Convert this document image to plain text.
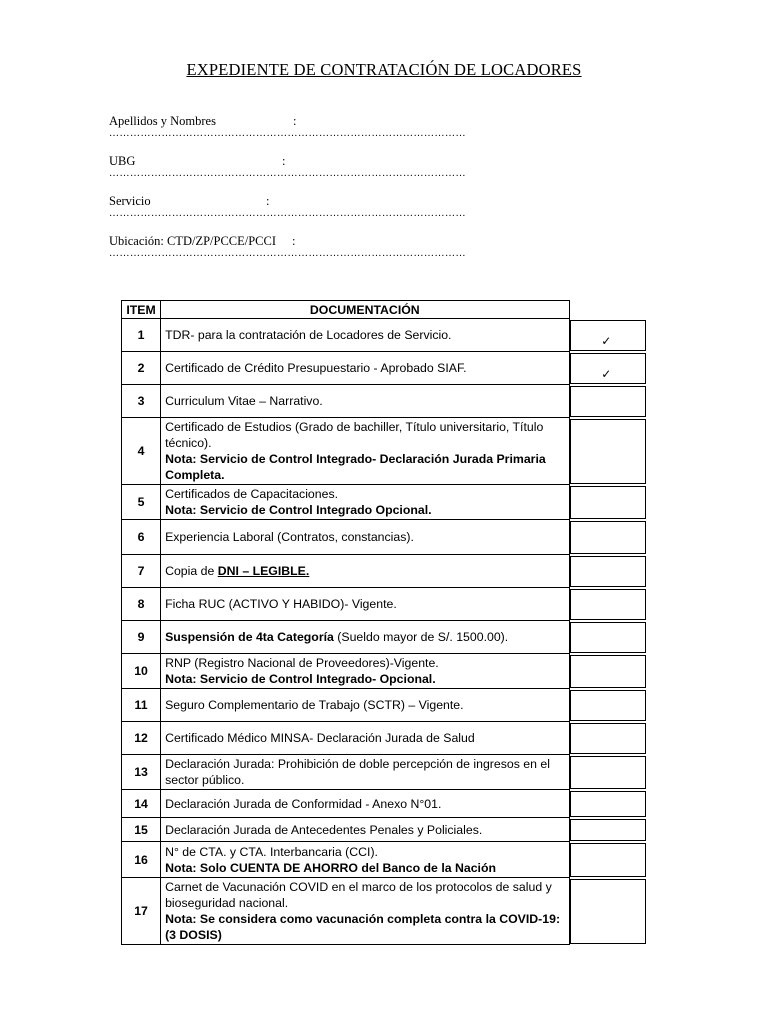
EXPEDIENTE DE CONTRATACIÓN DE LOCADORES
Apellidos y Nombres	:
…………………………………………………………………………………………
UBG	:
…………………………………………………………………………………………
Servicio	:
…………………………………………………………………………………………
Ubicación: CTD/ZP/PCCE/PCCI :
…………………………………………………………………………………………
ITEM	DOCUMENTACIÓN	
1	TDR- para la contratación de Locadores de Servicio.	✓

2	Certificado de Crédito Presupuestario - Aprobado SIAF.	✓

3	Curriculum Vitae – Narrativo.	

4	Certificado de Estudios (Grado de bachiller, Título universitario, Título técnico).
Nota: Servicio de Control Integrado- Declaración Jurada Primaria Completa.	

5	Certificados de Capacitaciones.
Nota: Servicio de Control Integrado Opcional.	

6	Experiencia Laboral (Contratos, constancias).	

7	Copia de DNI – LEGIBLE.	

8	Ficha RUC (ACTIVO Y HABIDO)- Vigente.	

9	Suspensión de 4ta Categoría (Sueldo mayor de S/. 1500.00).	

10	RNP (Registro Nacional de Proveedores)-Vigente.
Nota: Servicio de Control Integrado- Opcional.	

11	Seguro Complementario de Trabajo (SCTR) – Vigente.	

12	Certificado Médico MINSA- Declaración Jurada de Salud	

13	Declaración Jurada: Prohibición de doble percepción de ingresos en el sector público.	

14	Declaración Jurada de Conformidad - Anexo N°01.	

15	Declaración Jurada de Antecedentes Penales y Policiales.	

16	N° de CTA. y CTA. Interbancaria (CCI).
Nota: Solo CUENTA DE AHORRO del Banco de la Nación	

17	Carnet de Vacunación COVID en el marco de los protocolos de salud y bioseguridad nacional.
Nota: Se considera como vacunación completa contra la COVID-19: (3 DOSIS)	
